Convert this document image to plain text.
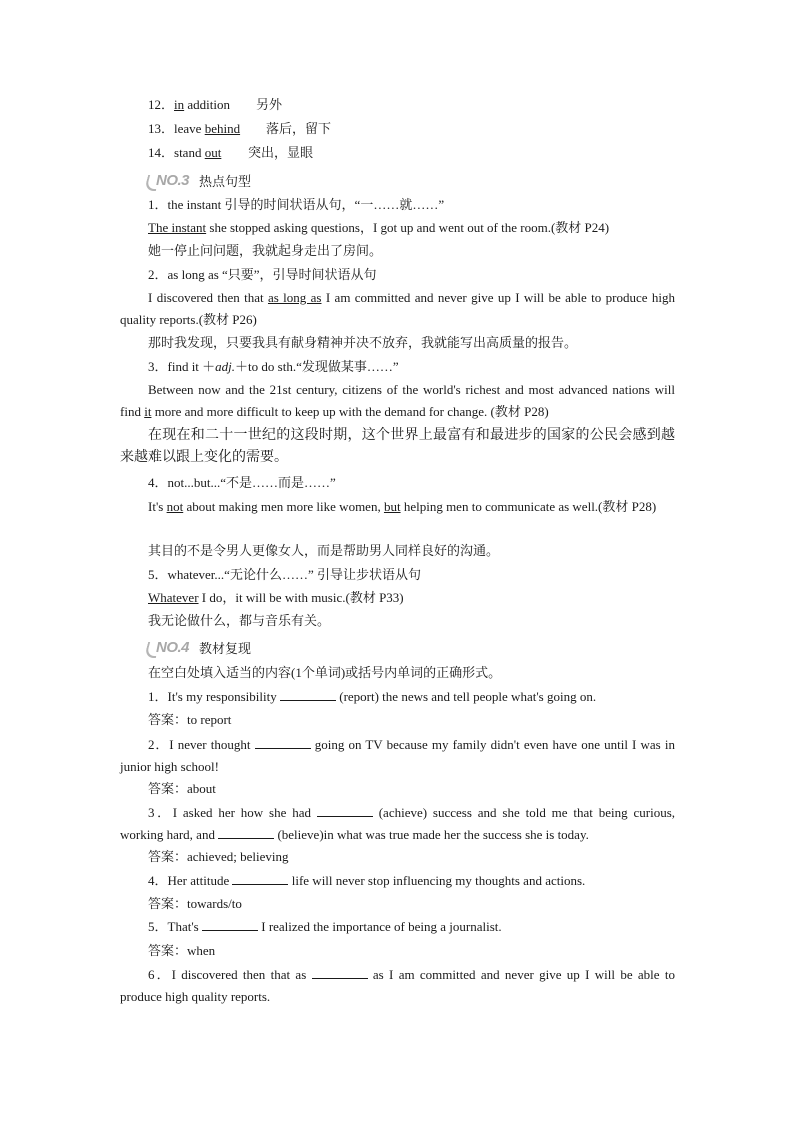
12．in addition 另外
13．leave behind 落后，留下
14．stand out 突出，显眼
NO.3 热点句型
1．the instant 引导的时间状语从句，“一……就……”
The instant she stopped asking questions，I got up and went out of the room.(教材 P24)
她一停止问问题，我就起身走出了房间。
2．as long as “只要”，引导时间状语从句
I discovered then that as long as I am committed and never give up I will be able to produce high quality reports.(教材 P26)
那时我发现，只要我具有献身精神并决不放弃，我就能写出高质量的报告。
3．find it ＋adj.＋to do sth.“发现做某事……”
Between now and the 21st century, citizens of the world's richest and most advanced nations will find it more and more difficult to keep up with the demand for change. (教材 P28)
在现在和二十一世纪的这段时期，这个世界上最富有和最进步的国家的公民会感到越来越难以跟上变化的需要。
4．not...but...“不是……而是……”
It's not about making men more like women, but helping men to communicate as well.(教材 P28)
其目的不是令男人更像女人，而是帮助男人同样良好的沟通。
5．whatever...“无论什么……” 引导让步状语从句
Whatever I do，it will be with music.(教材 P33)
我无论做什么，都与音乐有关。
NO.4 教材复现
在空白处填入适当的内容(1个单词)或括号内单词的正确形式。
1．It's my responsibility	(report) the news and tell people what's going on.
答案：to report
2．I never thought	going on TV because my family didn't even have one until I was in junior high school!
答案：about
3．I asked her how she had	(achieve) success and she told me that being curious, working hard, and	(believe)in what was true made her the success she is today.
答案：achieved; believing
4．Her attitude	life will never stop influencing my thoughts and actions.
答案：towards/to
5．That's	I realized the importance of being a journalist.
答案：when
6．I discovered then that as	as I am committed and never give up I will be able to produce high quality reports.
